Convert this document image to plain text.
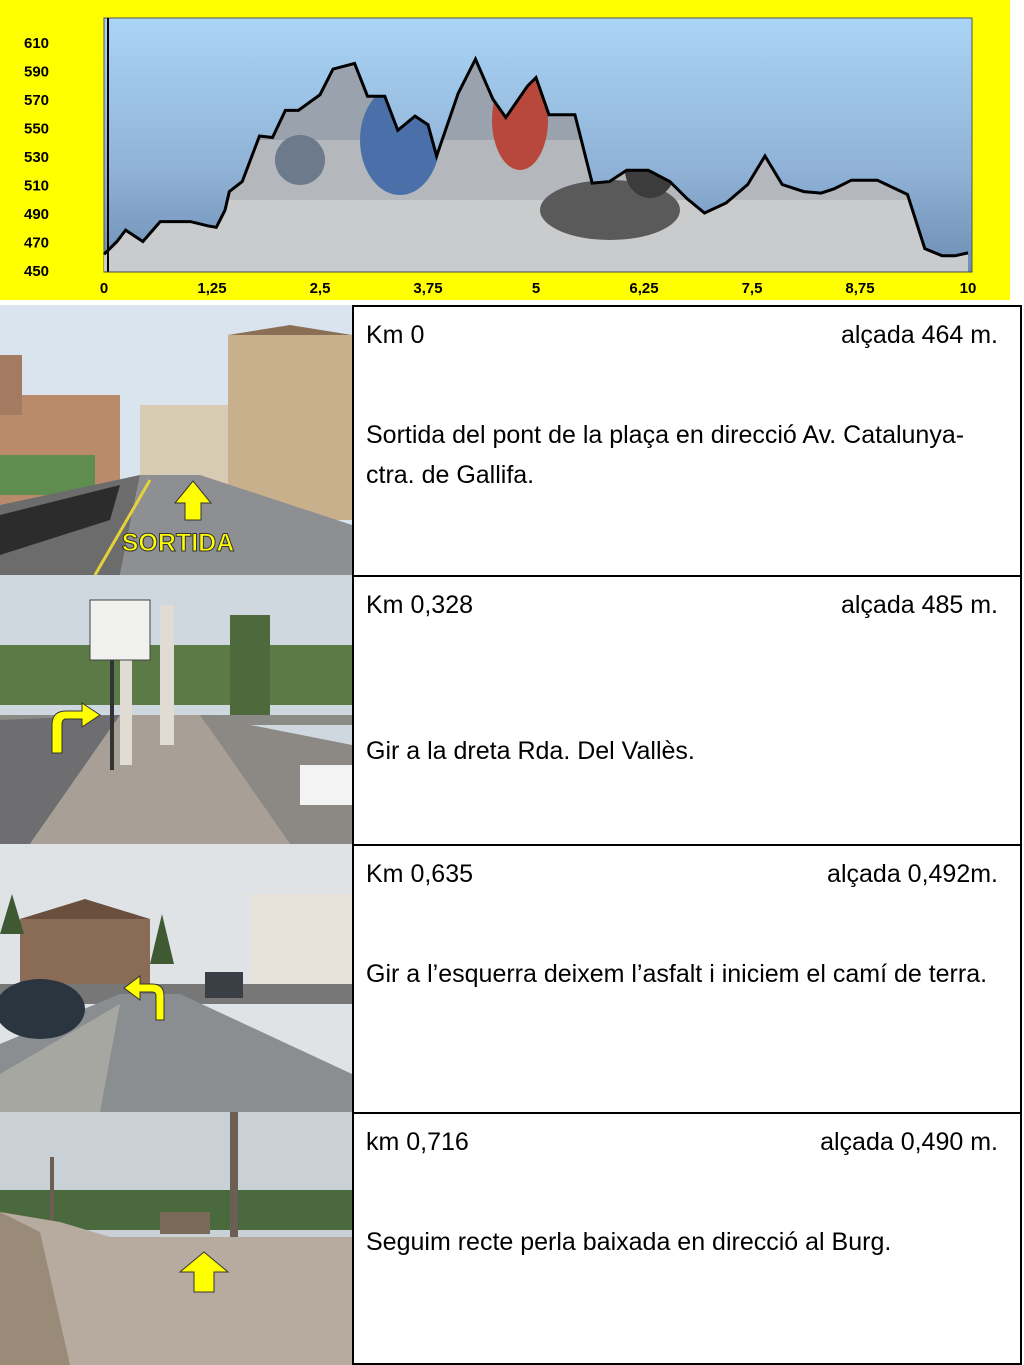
450
470
490
510
530
550
570
590
610
0	1,25	2,5	3,75	5	6,25	7,5	8,75	10
SORTIDA
Km 0	alçada 464 m.
Sortida del pont de la plaça en direcció Av. Catalunya-ctra. de Gallifa.
Km 0,328	alçada 485 m.
Gir a la dreta Rda. Del Vallès.
Km 0,635	alçada 0,492m.
Gir a l’esquerra deixem l’asfalt i iniciem el camí de terra.
km 0,716	alçada 0,490 m.
Seguim recte perla baixada en direcció al Burg.
